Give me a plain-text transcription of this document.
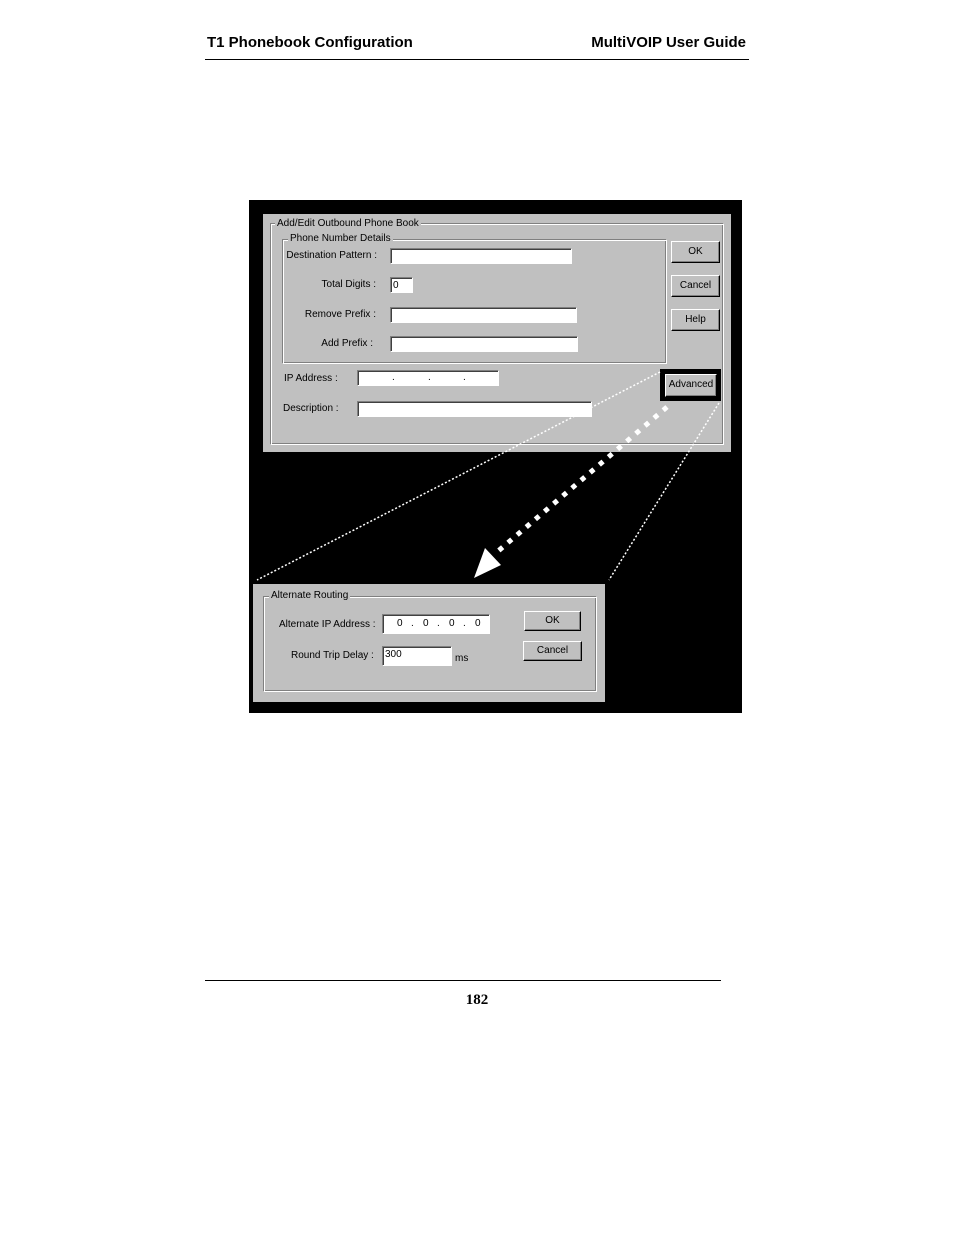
T1 Phonebook Configuration	MultiVOIP User Guide
Add/Edit Outbound Phone Book
Phone Number Details
Destination Pattern :
Total Digits :	0
Remove Prefix :
Add Prefix :
IP Address :	.	.	.
Description :
OK
Cancel
Help
Advanced
Alternate Routing
Alternate IP Address : 0 . 0 . 0 . 0
Round Trip Delay :	300	ms
OK
Cancel
182
